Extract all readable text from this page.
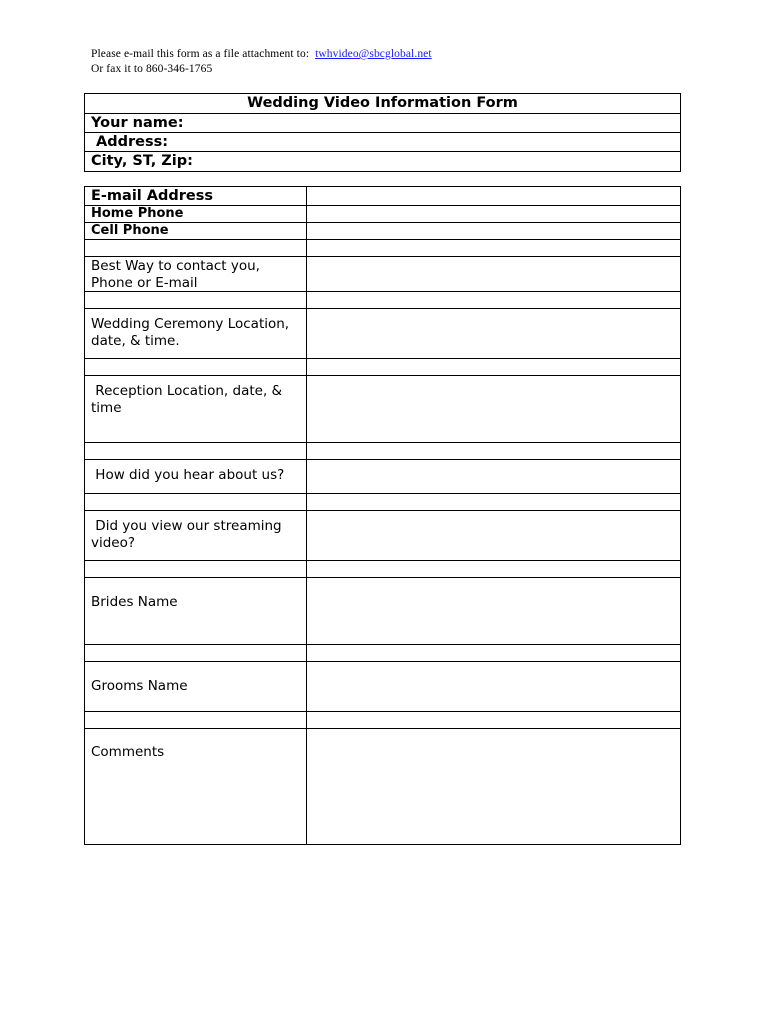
Please e-mail this form as a file attachment to: twhvideo@sbcglobal.net
Or fax it to 860-346-1765
Wedding Video Information Form
Your name:
Address:
City, ST, Zip:
E-mail Address	
Home Phone	
Cell Phone	

Best Way to contact you, Phone or E-mail	

Wedding Ceremony Location, date, & time.	

Reception Location, date, & time	

How did you hear about us?	

Did you view our streaming video?	

Brides Name	

Grooms Name	

Comments	
